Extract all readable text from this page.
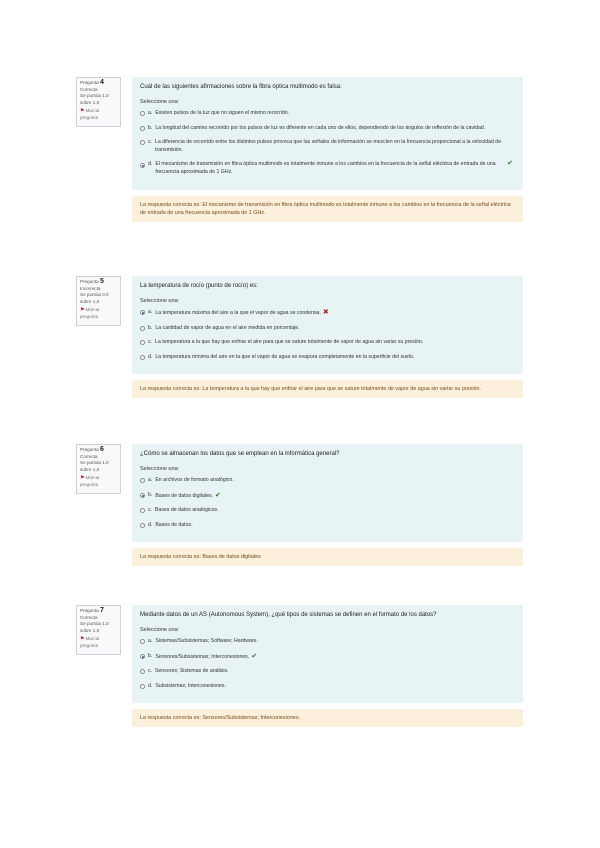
Pregunta 4
Correcta
Se puntúa 1,0 sobre 1,0
⚑Marcar pregunta
Cuál de las siguientes afirmaciones sobre la fibra óptica multimodo es falsa:
Seleccione una:
a. Existen pulsos de la luz que no siguen el mismo recorrido.
b. La longitud del camino recorrido por los pulsos de luz es diferente en cada uno de ellos, dependiendo de los ángulos de reflexión de la cavidad.
c. La diferencia de recorrido entre los distintos pulsos provoca que las señales de información se mezclen en la frecuencia proporcional a la velocidad de transmisión.
d. El mecanismo de transmisión en fibra óptica multimodo es totalmente inmune a los cambios en la frecuencia de la señal eléctrica de entrada de una frecuencia aproximada de 1 GHz.
✔
La respuesta correcta es: El mecanismo de transmisión en fibra óptica multimodo es totalmente inmune a los cambios en la frecuencia de la señal eléctrica de entrada de una frecuencia aproximada de 1 GHz.
Pregunta 5
Incorrecta
Se puntúa 0,0 sobre 1,0
⚑Marcar pregunta
La temperatura de rocío (punto de rocío) es:
Seleccione una:
a. La temperatura máxima del aire a la que el vapor de agua se condensa. ✖
b. La cantidad de vapor de agua en el aire medida en porcentaje.
c. La temperatura a la que hay que enfriar el aire para que se sature totalmente de vapor de agua sin variar su presión.
d. La temperatura mínima del aire en la que el vapor de agua se evapora completamente en la superficie del suelo.
La respuesta correcta es: La temperatura a la que hay que enfriar el aire para que se sature totalmente de vapor de agua sin variar su presión.
Pregunta 6
Correcta
Se puntúa 1,0 sobre 1,0
⚑Marcar pregunta
¿Cómo se almacenan los datos que se emplean en la informática general?
Seleccione una:
a. En archivos de formato analógico.
b. Bases de datos digitales. ✔
c. Bases de datos analógicos.
d. Bases de datos.
La respuesta correcta es: Bases de datos digitales
Pregunta 7
Correcta
Se puntúa 1,0 sobre 1,0
⚑Marcar pregunta
Mediante datos de un AS (Autonomous System), ¿qué tipos de sistemas se definen en el formato de los datos?
Seleccione una:
a. Sistemas/Subsistemas; Software; Hardware.
b. Sensores/Subsistemas; Interconexiones. ✔
c. Sensores; Sistemas de análisis.
d. Subsistemas; Interconexiones.
La respuesta correcta es: Sensores/Subsistemas; Interconexiones.
